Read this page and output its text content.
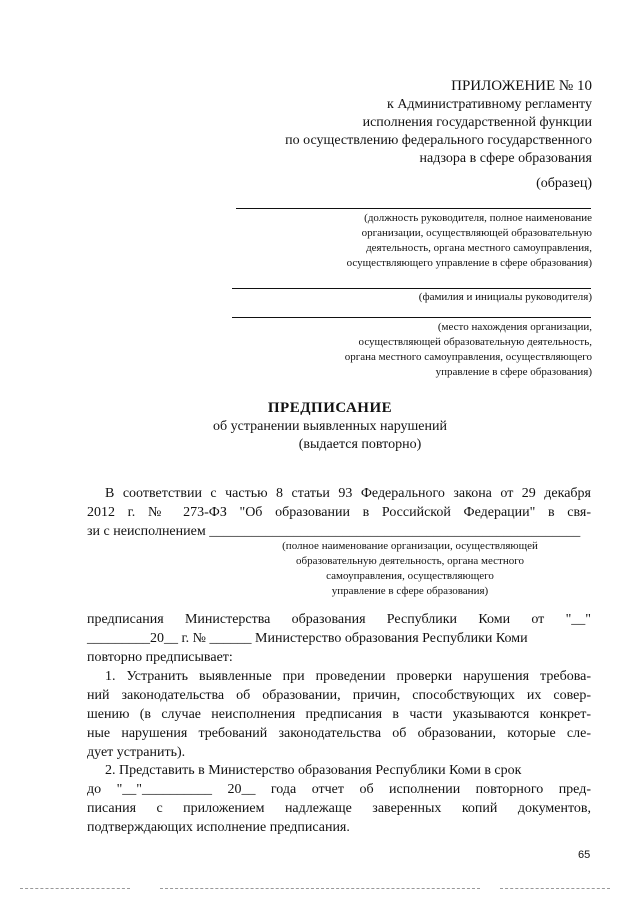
ПРИЛОЖЕНИЕ № 10
к Административному регламенту
исполнения государственной функции
по осуществлению федерального государственного
надзора в сфере образования
(образец)
(должность руководителя, полное наименование
организации, осуществляющей образовательную
деятельность, органа местного самоуправления,
осуществляющего управление в сфере образования)
(фамилия и инициалы руководителя)
(место нахождения организации,
осуществляющей образовательную деятельность,
органа местного самоуправления, осуществляющего
управление в сфере образования)
ПРЕДПИСАНИЕ
об устранении выявленных нарушений
(выдается повторно)
В соответствии с частью 8 статьи 93 Федерального закона от 29 декабря
2012 г. № 273-ФЗ "Об образовании в Российской Федерации" в свя-
зи с неисполнением _____________________________________________________
(полное наименование организации, осуществляющей
образовательную деятельность, органа местного
самоуправления, осуществляющего
управление в сфере образования)
предписания Министерства образования Республики Коми от "__"
_________20__ г. № ______ Министерство образования Республики Коми
повторно предписывает:
1. Устранить выявленные при проведении проверки нарушения требова-
ний законодательства об образовании, причин, способствующих их совер-
шению (в случае неисполнения предписания в части указываются конкрет-
ные нарушения требований законодательства об образовании, которые сле-
дует устранить).
2. Представить в Министерство образования Республики Коми в срок
до "__"__________ 20__ года отчет об исполнении повторного пред-
писания с приложением надлежаще заверенных копий документов,
подтверждающих исполнение предписания.
65
